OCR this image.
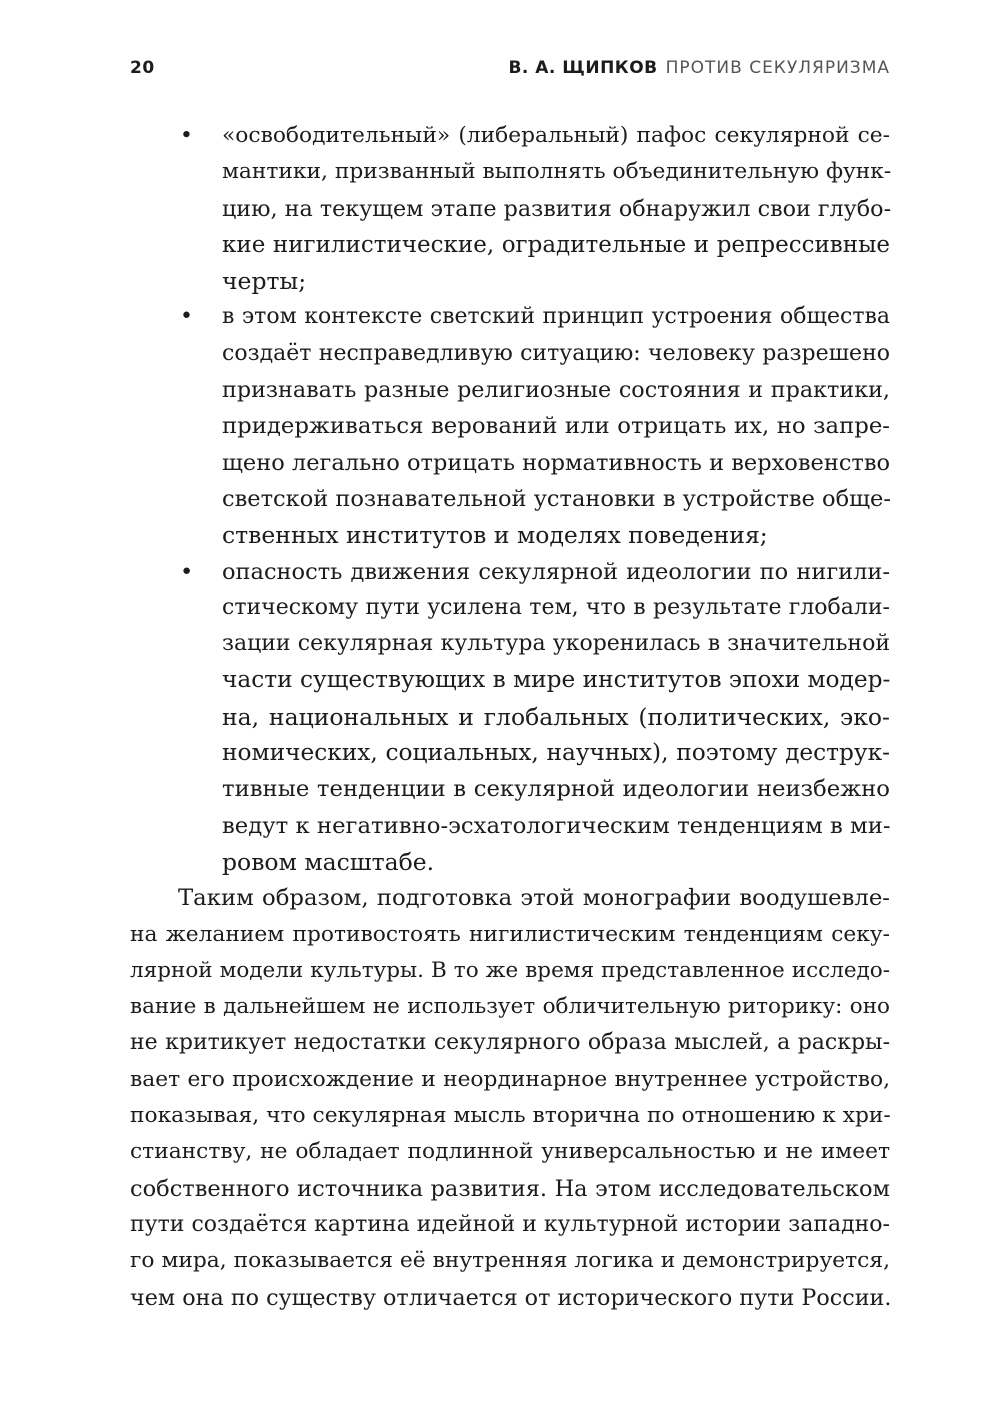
20	В. А. ЩИПКОВ ПРОТИВ СЕКУЛЯРИЗМА
•	«освободительный» (либеральный) пафос секулярной се-
мантики, призванный выполнять объединительную функ-
цию, на текущем этапе развития обнаружил свои глубо-
кие нигилистические, оградительные и репрессивные
черты;
•	в этом контексте светский принцип устроения общества
создаёт несправедливую ситуацию: человеку разрешено
признавать разные религиозные состояния и практики,
придерживаться верований или отрицать их, но запре-
щено легально отрицать нормативность и верховенство
светской познавательной установки в устройстве обще-
ственных институтов и моделях поведения;
• опасность движения секулярной идеологии по нигили-
стическому пути усилена тем, что в результате глобали-
зации секулярная культура укоренилась в значительной
части существующих в мире институтов эпохи модер-
на, национальных и глобальных (политических, эко-
номических, социальных, научных), поэтому деструк-
тивные тенденции в секулярной идеологии неизбежно
ведут к негативно-эсхатологическим тенденциям в ми-
ровом масштабе.
Таким образом, подготовка этой монографии воодушевле-
на желанием противостоять нигилистическим тенденциям секу-
лярной модели культуры. В то же время представленное исследо-
вание в дальнейшем не использует обличительную риторику: оно
не критикует недостатки секулярного образа мыслей, а раскры-
вает его происхождение и неординарное внутреннее устройство,
показывая, что секулярная мысль вторична по отношению к хри-
стианству, не обладает подлинной универсальностью и не имеет
собственного источника развития. На этом исследовательском
пути создаётся картина идейной и культурной истории западно-
го мира, показывается её внутренняя логика и демонстрируется,
чем она по существу отличается от исторического пути России.
